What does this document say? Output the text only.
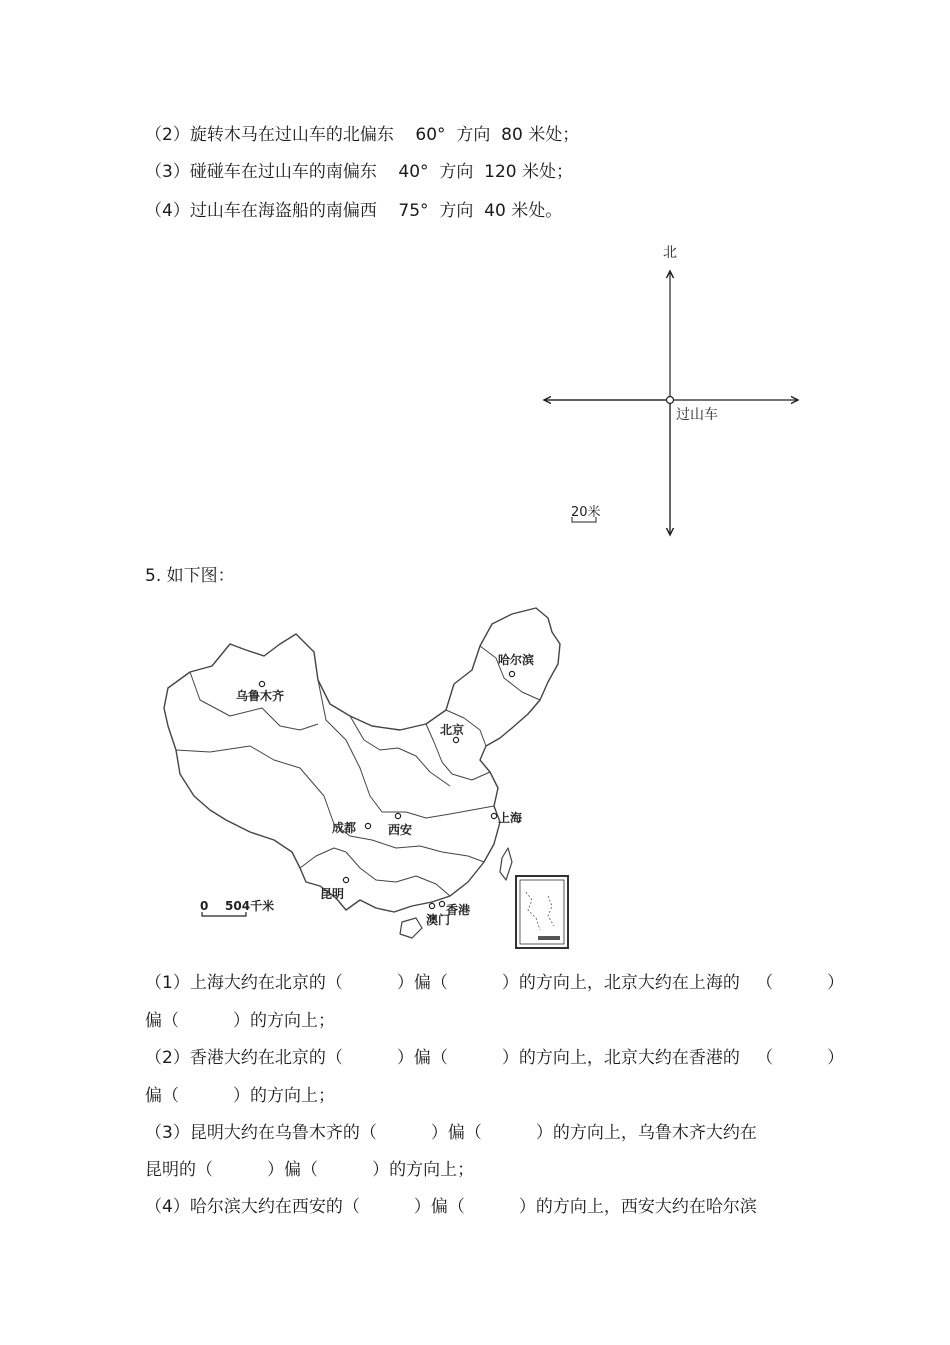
（2）旋转木马在过山车的北偏东    60°  方向  80 米处；
（3）碰碰车在过山车的南偏东    40°  方向  120 米处；
（4）过山车在海盗船的南偏西    75°  方向  40 米处。
北
过山车
20米
5. 如下图：
乌鲁木齐
哈尔滨
北京
西安
成都
上海
昆明
澳门
香港
0    504千米
（1）上海大约在北京的（          ）偏（          ）的方向上，北京大约在上海的   （          ）
偏（          ）的方向上；
（2）香港大约在北京的（          ）偏（          ）的方向上，北京大约在香港的   （          ）
偏（          ）的方向上；
（3）昆明大约在乌鲁木齐的（          ）偏（          ）的方向上，乌鲁木齐大约在
昆明的（          ）偏（          ）的方向上；
（4）哈尔滨大约在西安的（          ）偏（          ）的方向上，西安大约在哈尔滨
